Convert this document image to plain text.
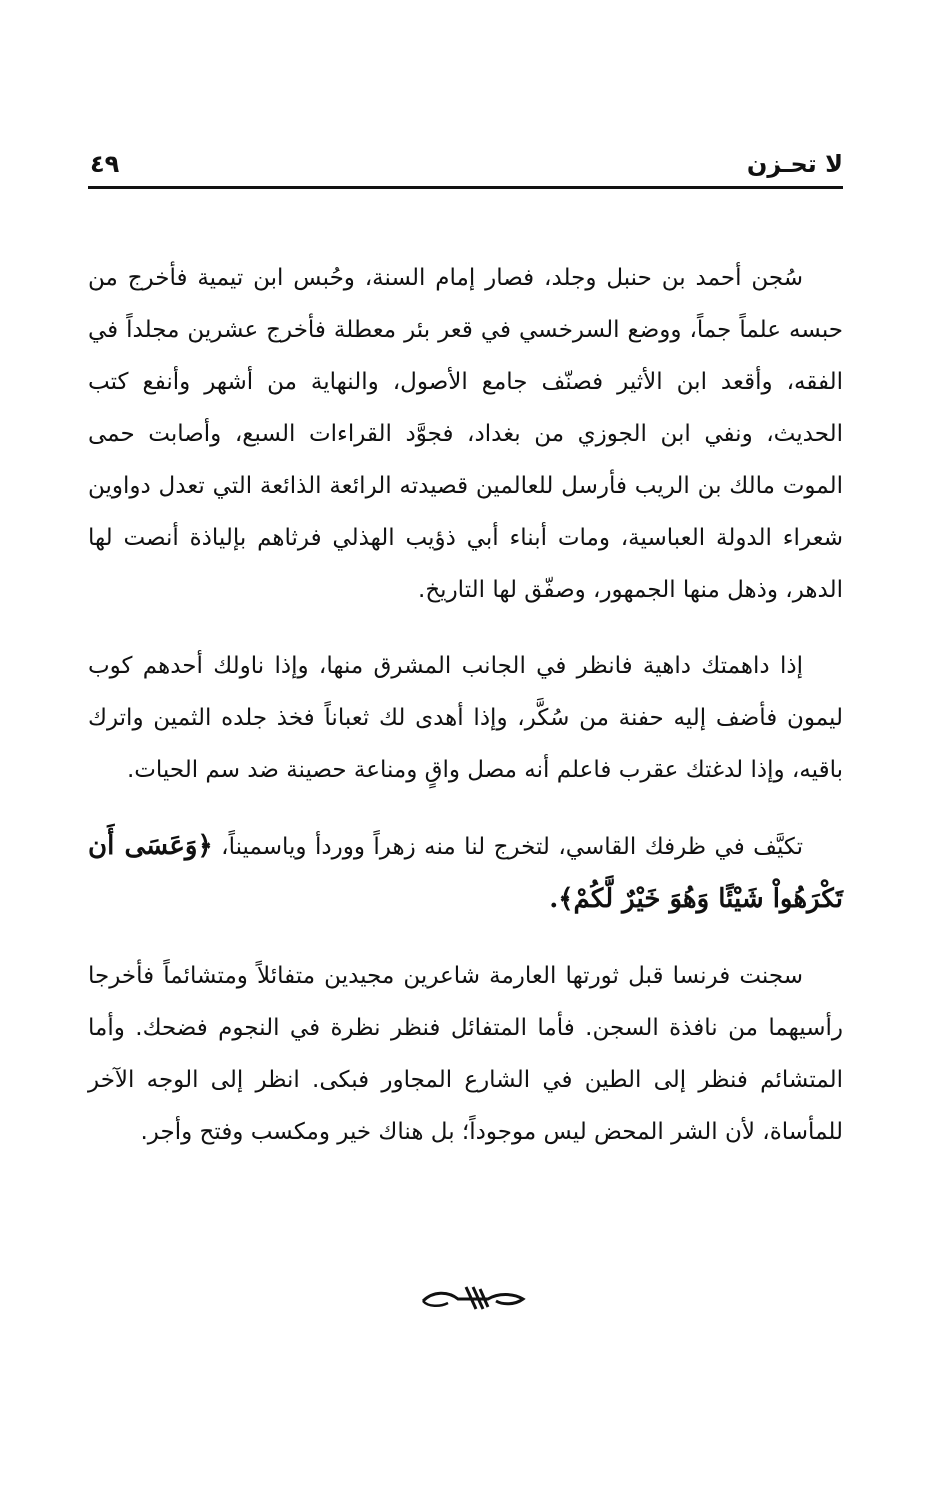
لا تحـزن
٤٩

سُجن أحمد بن حنبل وجلد، فصار إمام السنة، وحُبس ابن تيمية فأخرج من حبسه علماً جماً، ووضع السرخسي في قعر بئر معطلة فأخرج عشرين مجلداً في الفقه، وأقعد ابن الأثير فصنّف جامع الأصول، والنهاية من أشهر وأنفع كتب الحديث، ونفي ابن الجوزي من بغداد، فجوَّد القراءات السبع، وأصابت حمى الموت مالك بن الريب فأرسل للعالمين قصيدته الرائعة الذائعة التي تعدل دواوين شعراء الدولة العباسية، ومات أبناء أبي ذؤيب الهذلي فرثاهم بإلياذة أنصت لها الدهر، وذهل منها الجمهور، وصفّق لها التاريخ.

إذا داهمتك داهية فانظر في الجانب المشرق منها، وإذا ناولك أحدهم كوب ليمون فأضف إليه حفنة من سُكَّر، وإذا أهدى لك ثعباناً فخذ جلده الثمين واترك باقيه، وإذا لدغتك عقرب فاعلم أنه مصل واقٍ ومناعة حصينة ضد سم الحيات.

تكيَّف في ظرفك القاسي، لتخرج لنا منه زهراً ووردأ وياسميناً، ﴿وَعَسَى أَن تَكْرَهُواْ شَيْئًا وَهُوَ خَيْرٌ لَّكُمْ﴾.

سجنت فرنسا قبل ثورتها العارمة شاعرين مجيدين متفائلاً ومتشائماً فأخرجا رأسيهما من نافذة السجن. فأما المتفائل فنظر نظرة في النجوم فضحك. وأما المتشائم فنظر إلى الطين في الشارع المجاور فبكى. انظر إلى الوجه الآخر للمأساة، لأن الشر المحض ليس موجوداً؛ بل هناك خير ومكسب وفتح وأجر.
